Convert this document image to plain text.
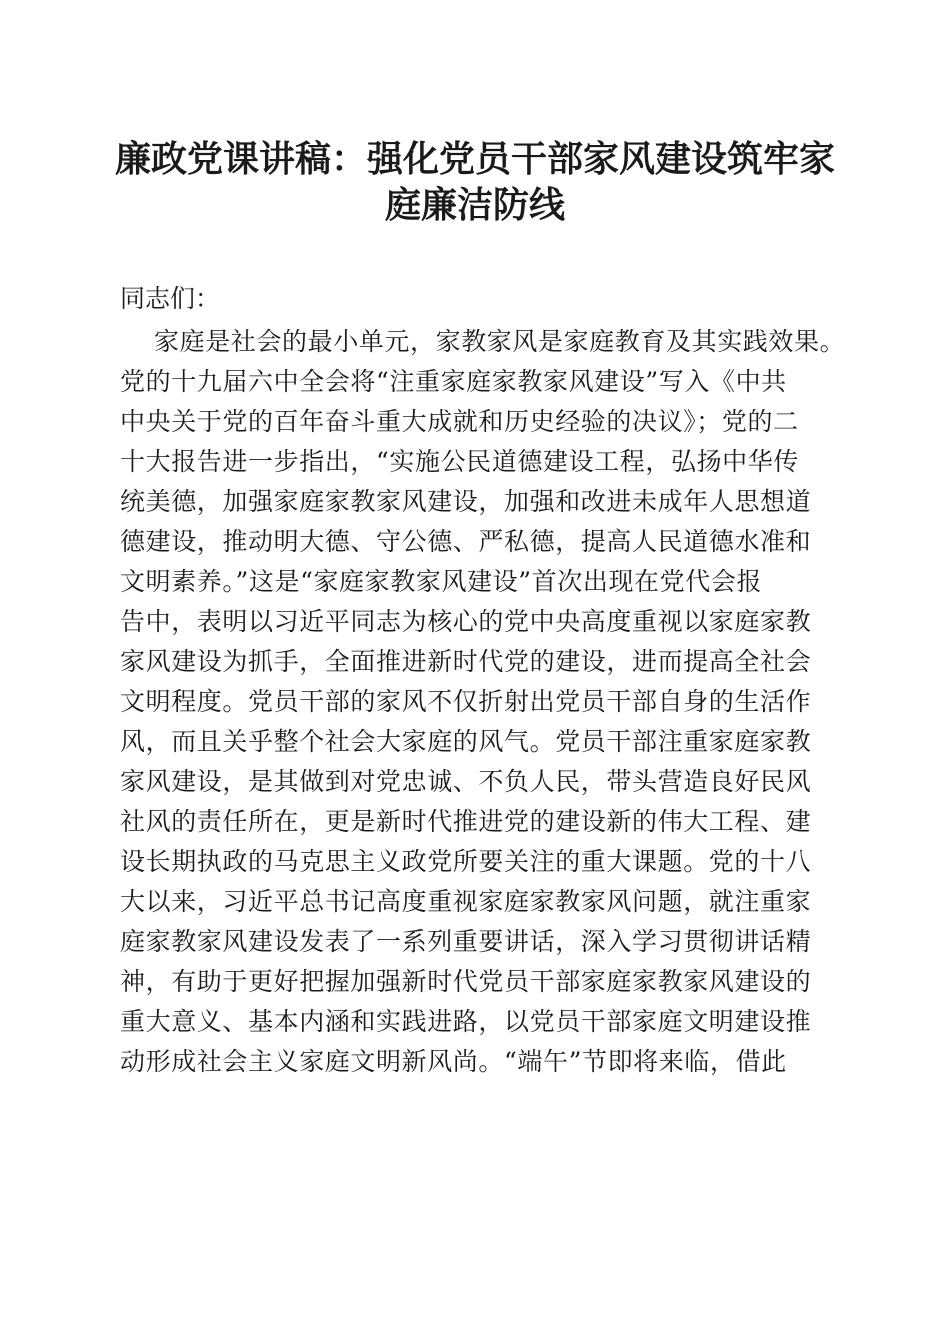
廉政党课讲稿：强化党员干部家风建设筑牢家
庭廉洁防线

同志们：

家庭是社会的最小单元，家教家风是家庭教育及其实践效果。
党的十九届六中全会将“注重家庭家教家风建设”写入《中共
中央关于党的百年奋斗重大成就和历史经验的决议》；党的二
十大报告进一步指出，“实施公民道德建设工程，弘扬中华传
统美德，加强家庭家教家风建设，加强和改进未成年人思想道
德建设，推动明大德、守公德、严私德，提高人民道德水准和
文明素养。”这是“家庭家教家风建设”首次出现在党代会报
告中，表明以习近平同志为核心的党中央高度重视以家庭家教
家风建设为抓手，全面推进新时代党的建设，进而提高全社会
文明程度。党员干部的家风不仅折射出党员干部自身的生活作
风，而且关乎整个社会大家庭的风气。党员干部注重家庭家教
家风建设，是其做到对党忠诚、不负人民，带头营造良好民风
社风的责任所在，更是新时代推进党的建设新的伟大工程、建
设长期执政的马克思主义政党所要关注的重大课题。党的十八
大以来，习近平总书记高度重视家庭家教家风问题，就注重家
庭家教家风建设发表了一系列重要讲话，深入学习贯彻讲话精
神，有助于更好把握加强新时代党员干部家庭家教家风建设的
重大意义、基本内涵和实践进路，以党员干部家庭文明建设推
动形成社会主义家庭文明新风尚。“端午”节即将来临，借此
